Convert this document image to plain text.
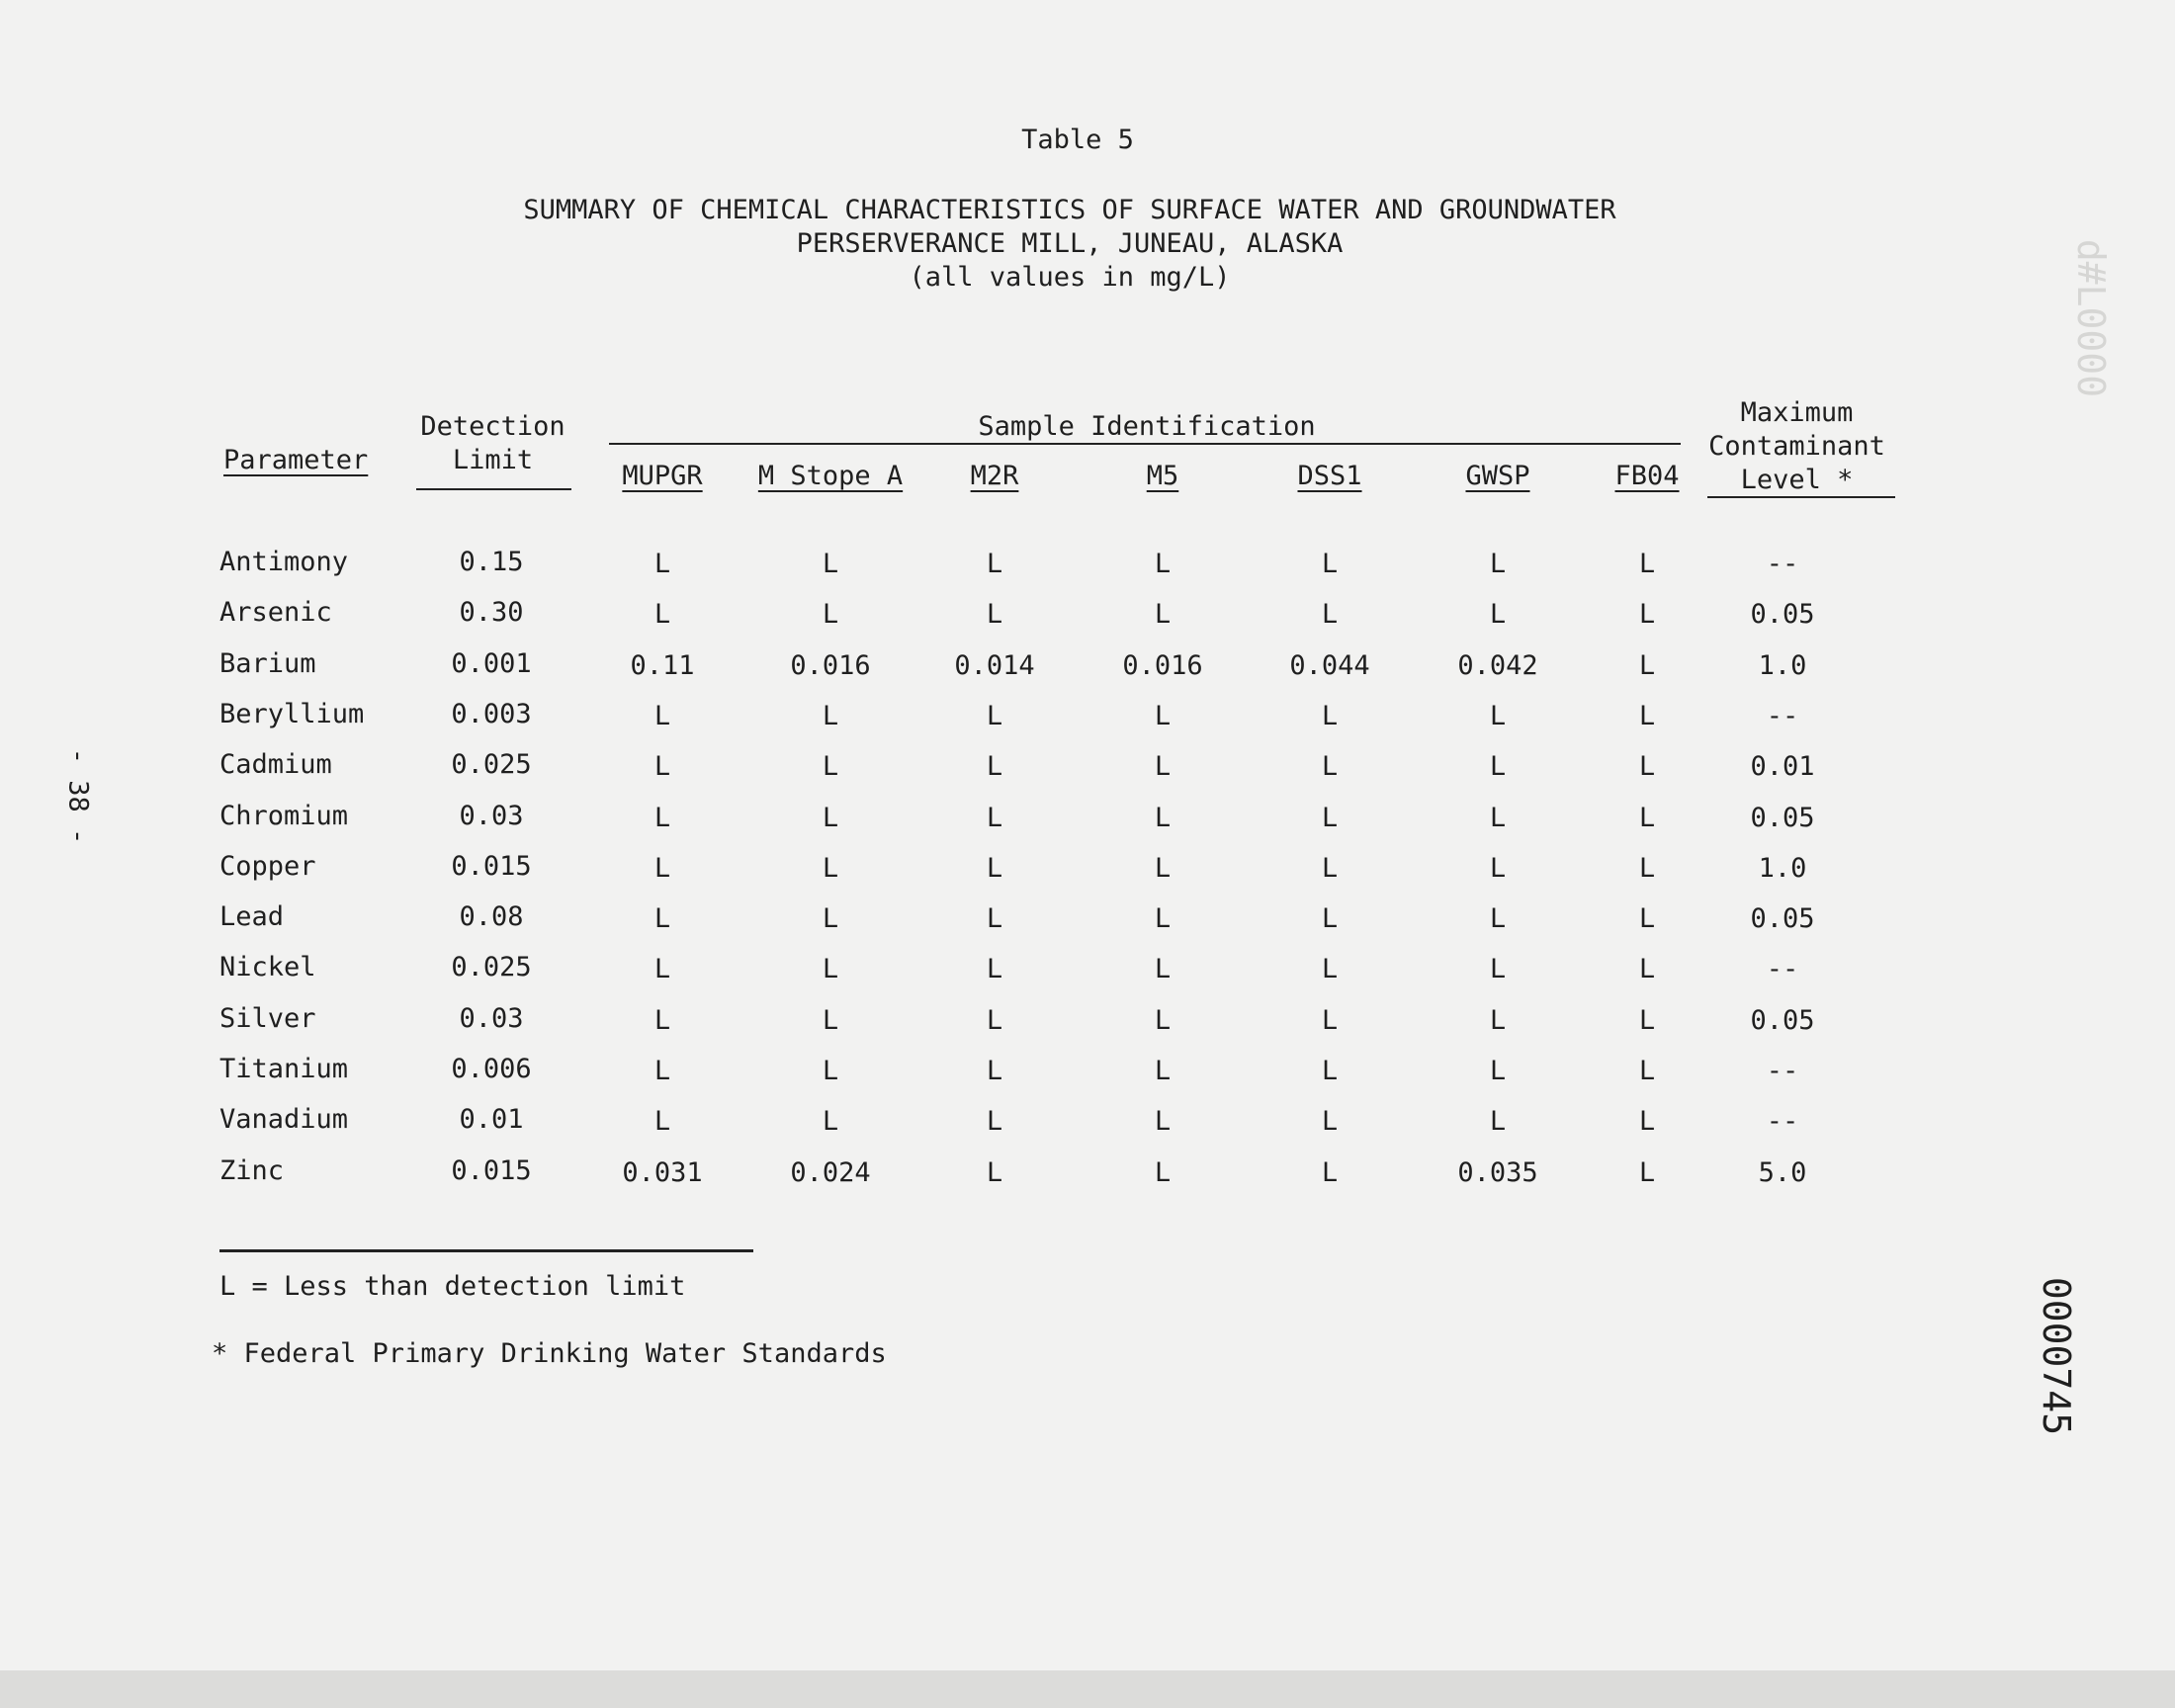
Table 5
SUMMARY OF CHEMICAL CHARACTERISTICS OF SURFACE WATER AND GROUNDWATER
PERSERVERANCE MILL, JUNEAU, ALASKA
(all values in mg/L)
Detection
Limit
Parameter
Sample Identification	Maximum
Contaminant
Level *
MUPGR	M Stope A	M2R	M5	DSS1	GWSP	FB04
Antimony	0.15	L	L	L	L	L	L	L	--
Arsenic	0.30	L	L	L	L	L	L	L	0.05
Barium	0.001	0.11	0.016	0.014	0.016	0.044	0.042	L	1.0
Beryllium	0.003	L	L	L	L	L	L	L	--
Cadmium	0.025	L	L	L	L	L	L	L	0.01
Chromium	0.03	L	L	L	L	L	L	L	0.05
Copper	0.015	L	L	L	L	L	L	L	1.0
Lead	0.08	L	L	L	L	L	L	L	0.05
Nickel	0.025	L	L	L	L	L	L	L	--
Silver	0.03	L	L	L	L	L	L	L	0.05
Titanium	0.006	L	L	L	L	L	L	L	--
Vanadium	0.01	L	L	L	L	L	L	L	--
Zinc	0.015	0.031	0.024	L	L	L	0.035	L	5.0
L = Less than detection limit
* Federal Primary Drinking Water Standards
- 38 -
0000745
d#L0000
